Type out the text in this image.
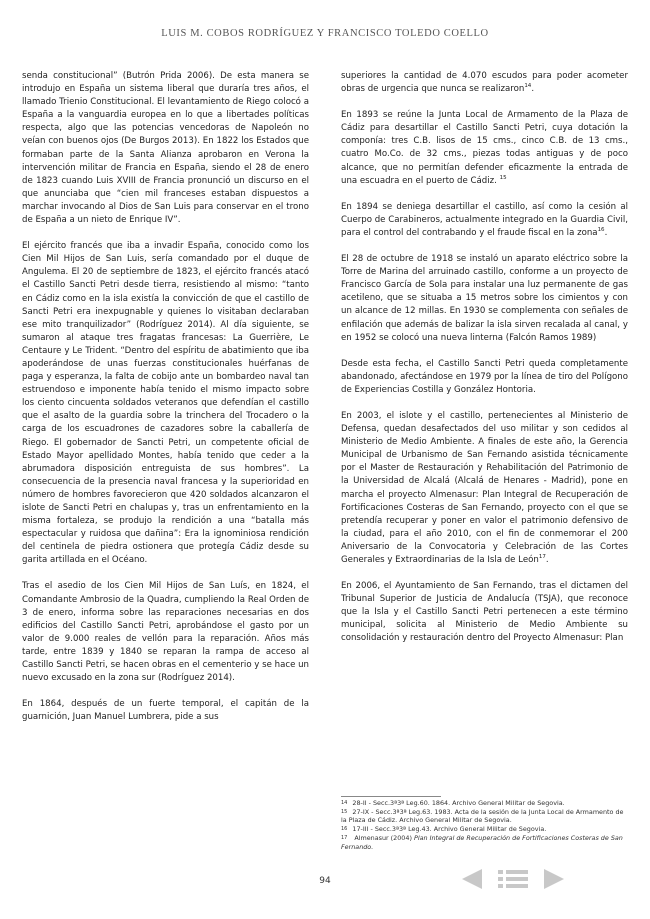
LUIS M. COBOS RODRÍGUEZ Y FRANCISCO TOLEDO COELLO

senda constitucional” (Butrón Prida 2006). De esta manera se introdujo en España un sistema liberal que duraría tres años, el llamado Trienio Constitucional. El levantamiento de Riego colocó a España a la vanguardia europea en lo que a libertades políticas respecta, algo que las potencias vencedoras de Napoleón no veían con buenos ojos (De Burgos 2013). En 1822 los Estados que formaban parte de la Santa Alianza aprobaron en Verona la intervención militar de Francia en España, siendo el 28 de enero de 1823 cuando Luis XVIII de Francia pronunció un discurso en el que anunciaba que “cien mil franceses estaban dispuestos a marchar invocando al Dios de San Luis para conservar en el trono de España a un nieto de Enrique IV”.

El ejército francés que iba a invadir España, conocido como los Cien Mil Hijos de San Luis, sería comandado por el duque de Angulema. El 20 de septiembre de 1823, el ejército francés atacó el Castillo Sancti Petri desde tierra, resistiendo al mismo: “tanto en Cádiz como en la isla existía la convicción de que el castillo de Sancti Petri era inexpugnable y quienes lo visitaban declaraban ese mito tranquilizador” (Rodríguez 2014). Al día siguiente, se sumaron al ataque tres fragatas francesas: La Guerrière, Le Centaure y Le Trident. “Dentro del espíritu de abatimiento que iba apoderándose de unas fuerzas constitucionales huérfanas de paga y esperanza, la falta de cobijo ante un bombardeo naval tan estruendoso e imponente había tenido el mismo impacto sobre los ciento cincuenta soldados veteranos que defendían el castillo que el asalto de la guardia sobre la trinchera del Trocadero o la carga de los escuadrones de cazadores sobre la caballería de Riego. El gobernador de Sancti Petri, un competente oficial de Estado Mayor apellidado Montes, había tenido que ceder a la abrumadora disposición entreguista de sus hombres”. La consecuencia de la presencia naval francesa y la superioridad en número de hombres favorecieron que 420 soldados alcanzaron el islote de Sancti Petri en chalupas y, tras un enfrentamiento en la misma fortaleza, se produjo la rendición a una “batalla más espectacular y ruidosa que dañina”: Era la ignominiosa rendición del centinela de piedra ostionera que protegía Cádiz desde su garita artillada en el Océano.

Tras el asedio de los Cien Mil Hijos de San Luís, en 1824, el Comandante Ambrosio de la Quadra, cumpliendo la Real Orden de 3 de enero, informa sobre las reparaciones necesarias en dos edificios del Castillo Sancti Petri, aprobándose el gasto por un valor de 9.000 reales de vellón para la reparación. Años más tarde, entre 1839 y 1840 se reparan la rampa de acceso al Castillo Sancti Petri, se hacen obras en el cementerio y se hace un nuevo excusado en la zona sur (Rodríguez 2014).

En 1864, después de un fuerte temporal, el capitán de la guarnición, Juan Manuel Lumbrera, pide a sus

superiores la cantidad de 4.070 escudos para poder acometer obras de urgencia que nunca se realizaron$^{14}$.

En 1893 se reúne la Junta Local de Armamento de la Plaza de Cádiz para desartillar el Castillo Sancti Petri, cuya dotación la componía: tres C.B. lisos de 15 cms., cinco C.B. de 13 cms., cuatro Mo.Co. de 32 cms., piezas todas antiguas y de poco alcance, que no permitían defender eficazmente la entrada de una escuadra en el puerto de Cádiz. $^{15}$

En 1894 se deniega desartillar el castillo, así como la cesión al Cuerpo de Carabineros, actualmente integrado en la Guardia Civil, para el control del contrabando y el fraude fiscal en la zona$^{16}$.

El 28 de octubre de 1918 se instaló un aparato eléctrico sobre la Torre de Marina del arruinado castillo, conforme a un proyecto de Francisco García de Sola para instalar una luz permanente de gas acetileno, que se situaba a 15 metros sobre los cimientos y con un alcance de 12 millas. En 1930 se complementa con señales de enfilación que además de balizar la isla sirven recalada al canal, y en 1952 se colocó una nueva linterna (Falcón Ramos 1989)

Desde esta fecha, el Castillo Sancti Petri queda completamente abandonado, afectándose en 1979 por la línea de tiro del Polígono de Experiencias Costilla y González Hontoria.

En 2003, el islote y el castillo, pertenecientes al Ministerio de Defensa, quedan desafectados del uso militar y son cedidos al Ministerio de Medio Ambiente. A finales de este año, la Gerencia Municipal de Urbanismo de San Fernando asistida técnicamente por el Master de Restauración y Rehabilitación del Patrimonio de la Universidad de Alcalá (Alcalá de Henares - Madrid), pone en marcha el proyecto Almenasur: Plan Integral de Recuperación de Fortificaciones Costeras de San Fernando, proyecto con el que se pretendía recuperar y poner en valor el patrimonio defensivo de la ciudad, para el año 2010, con el fin de conmemorar el 200 Aniversario de la Convocatoria y Celebración de las Cortes Generales y Extraordinarias de la Isla de León$^{17}$.

En 2006, el Ayuntamiento de San Fernando, tras el dictamen del Tribunal Superior de Justicia de Andalucía (TSJA), que reconoce que la Isla y el Castillo Sancti Petri pertenecen a este término municipal, solicita al Ministerio de Medio Ambiente su consolidación y restauración dentro del Proyecto Almenasur: Plan

$^{14}$ 28-II - Secc.3ª3ª Leg.60. 1864. Archivo General Militar de Segovia.
$^{15}$ 27-IX - Secc.3ª3ª Leg.63. 1983. Acta de la sesión de la Junta Local de Armamento de la Plaza de Cádiz. Archivo General Militar de Segovia.
$^{16}$ 17-III - Secc.3ª3ª Leg.43. Archivo General Militar de Segovia.
$^{17}$ Almenasur (2004) Plan Integral de Recuperación de Fortificaciones Costeras de San Fernando.
94
